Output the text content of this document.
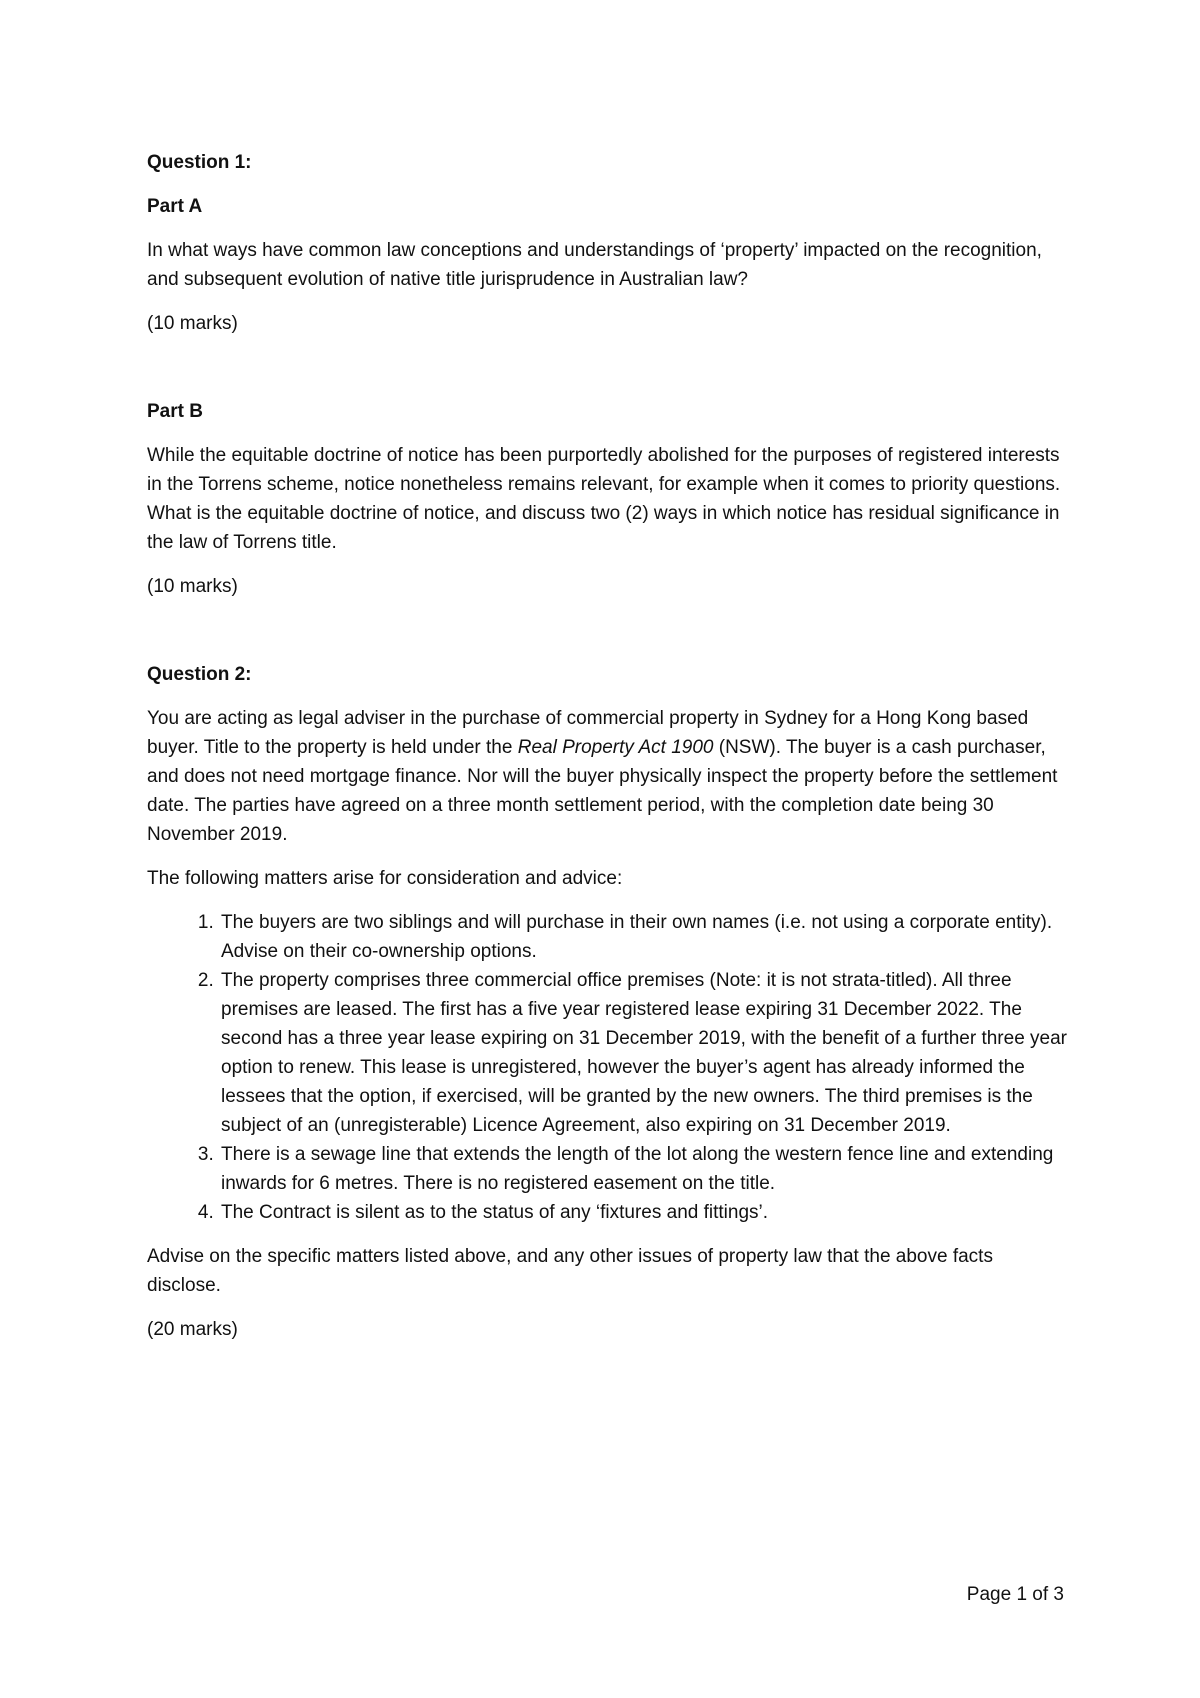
Question 1:
Part A
In what ways have common law conceptions and understandings of ‘property’ impacted on the recognition, and subsequent evolution of native title jurisprudence in Australian law?
(10 marks)
Part B
While the equitable doctrine of notice has been purportedly abolished for the purposes of registered interests in the Torrens scheme, notice nonetheless remains relevant, for example when it comes to priority questions. What is the equitable doctrine of notice, and discuss two (2) ways in which notice has residual significance in the law of Torrens title.
(10 marks)
Question 2:
You are acting as legal adviser in the purchase of commercial property in Sydney for a Hong Kong based buyer. Title to the property is held under the Real Property Act 1900 (NSW). The buyer is a cash purchaser, and does not need mortgage finance. Nor will the buyer physically inspect the property before the settlement date. The parties have agreed on a three month settlement period, with the completion date being 30 November 2019.
The following matters arise for consideration and advice:
1. The buyers are two siblings and will purchase in their own names (i.e. not using a corporate entity). Advise on their co-ownership options.
2. The property comprises three commercial office premises (Note: it is not strata-titled). All three premises are leased. The first has a five year registered lease expiring 31 December 2022. The second has a three year lease expiring on 31 December 2019, with the benefit of a further three year option to renew. This lease is unregistered, however the buyer’s agent has already informed the lessees that the option, if exercised, will be granted by the new owners. The third premises is the subject of an (unregisterable) Licence Agreement, also expiring on 31 December 2019.
3. There is a sewage line that extends the length of the lot along the western fence line and extending inwards for 6 metres. There is no registered easement on the title.
4. The Contract is silent as to the status of any ‘fixtures and fittings’.
Advise on the specific matters listed above, and any other issues of property law that the above facts disclose.
(20 marks)
Page 1 of 3
